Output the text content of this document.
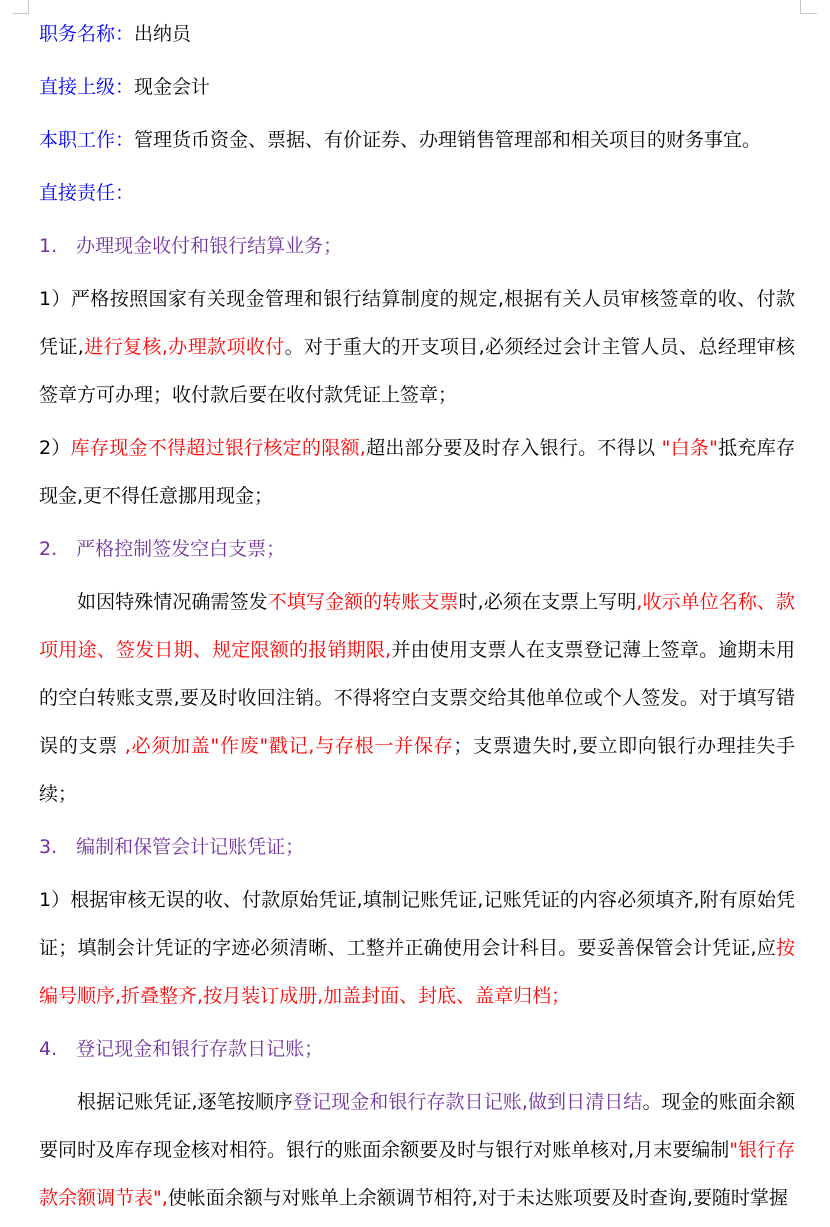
职务名称：出纳员

直接上级：现金会计

本职工作：管理货币资金、票据、有价证券、办理销售管理部和相关项目的财务事宜。

直接责任：

1.　办理现金收付和银行结算业务；

1）严格按照国家有关现金管理和银行结算制度的规定,根据有关人员审核签章的收、付款凭证,进行复核,办理款项收付。对于重大的开支项目,必须经过会计主管人员、总经理审核签章方可办理；收付款后要在收付款凭证上签章；

2）库存现金不得超过银行核定的限额,超出部分要及时存入银行。不得以 "白条"抵充库存现金,更不得任意挪用现金；

2.　严格控制签发空白支票；

如因特殊情况确需签发不填写金额的转账支票时,必须在支票上写明,收示单位名称、款项用途、签发日期、规定限额的报销期限,并由使用支票人在支票登记薄上签章。逾期未用的空白转账支票,要及时收回注销。不得将空白支票交给其他单位或个人签发。对于填写错误的支票 ,必须加盖"作废"戳记,与存根一并保存；支票遗失时,要立即向银行办理挂失手续；

3.　编制和保管会计记账凭证；

1）根据审核无误的收、付款原始凭证,填制记账凭证,记账凭证的内容必须填齐,附有原始凭证；填制会计凭证的字迹必须清晰、工整并正确使用会计科目。要妥善保管会计凭证,应按编号顺序,折叠整齐,按月装订成册,加盖封面、封底、盖章归档；

4.　登记现金和银行存款日记账；

根据记账凭证,逐笔按顺序登记现金和银行存款日记账,做到日清日结。现金的账面余额要同时及库存现金核对相符。银行的账面余额要及时与银行对账单核对,月末要编制"银行存款余额调节表",使帐面余额与对账单上余额调节相符,对于未达账项要及时查询,要随时掌握
